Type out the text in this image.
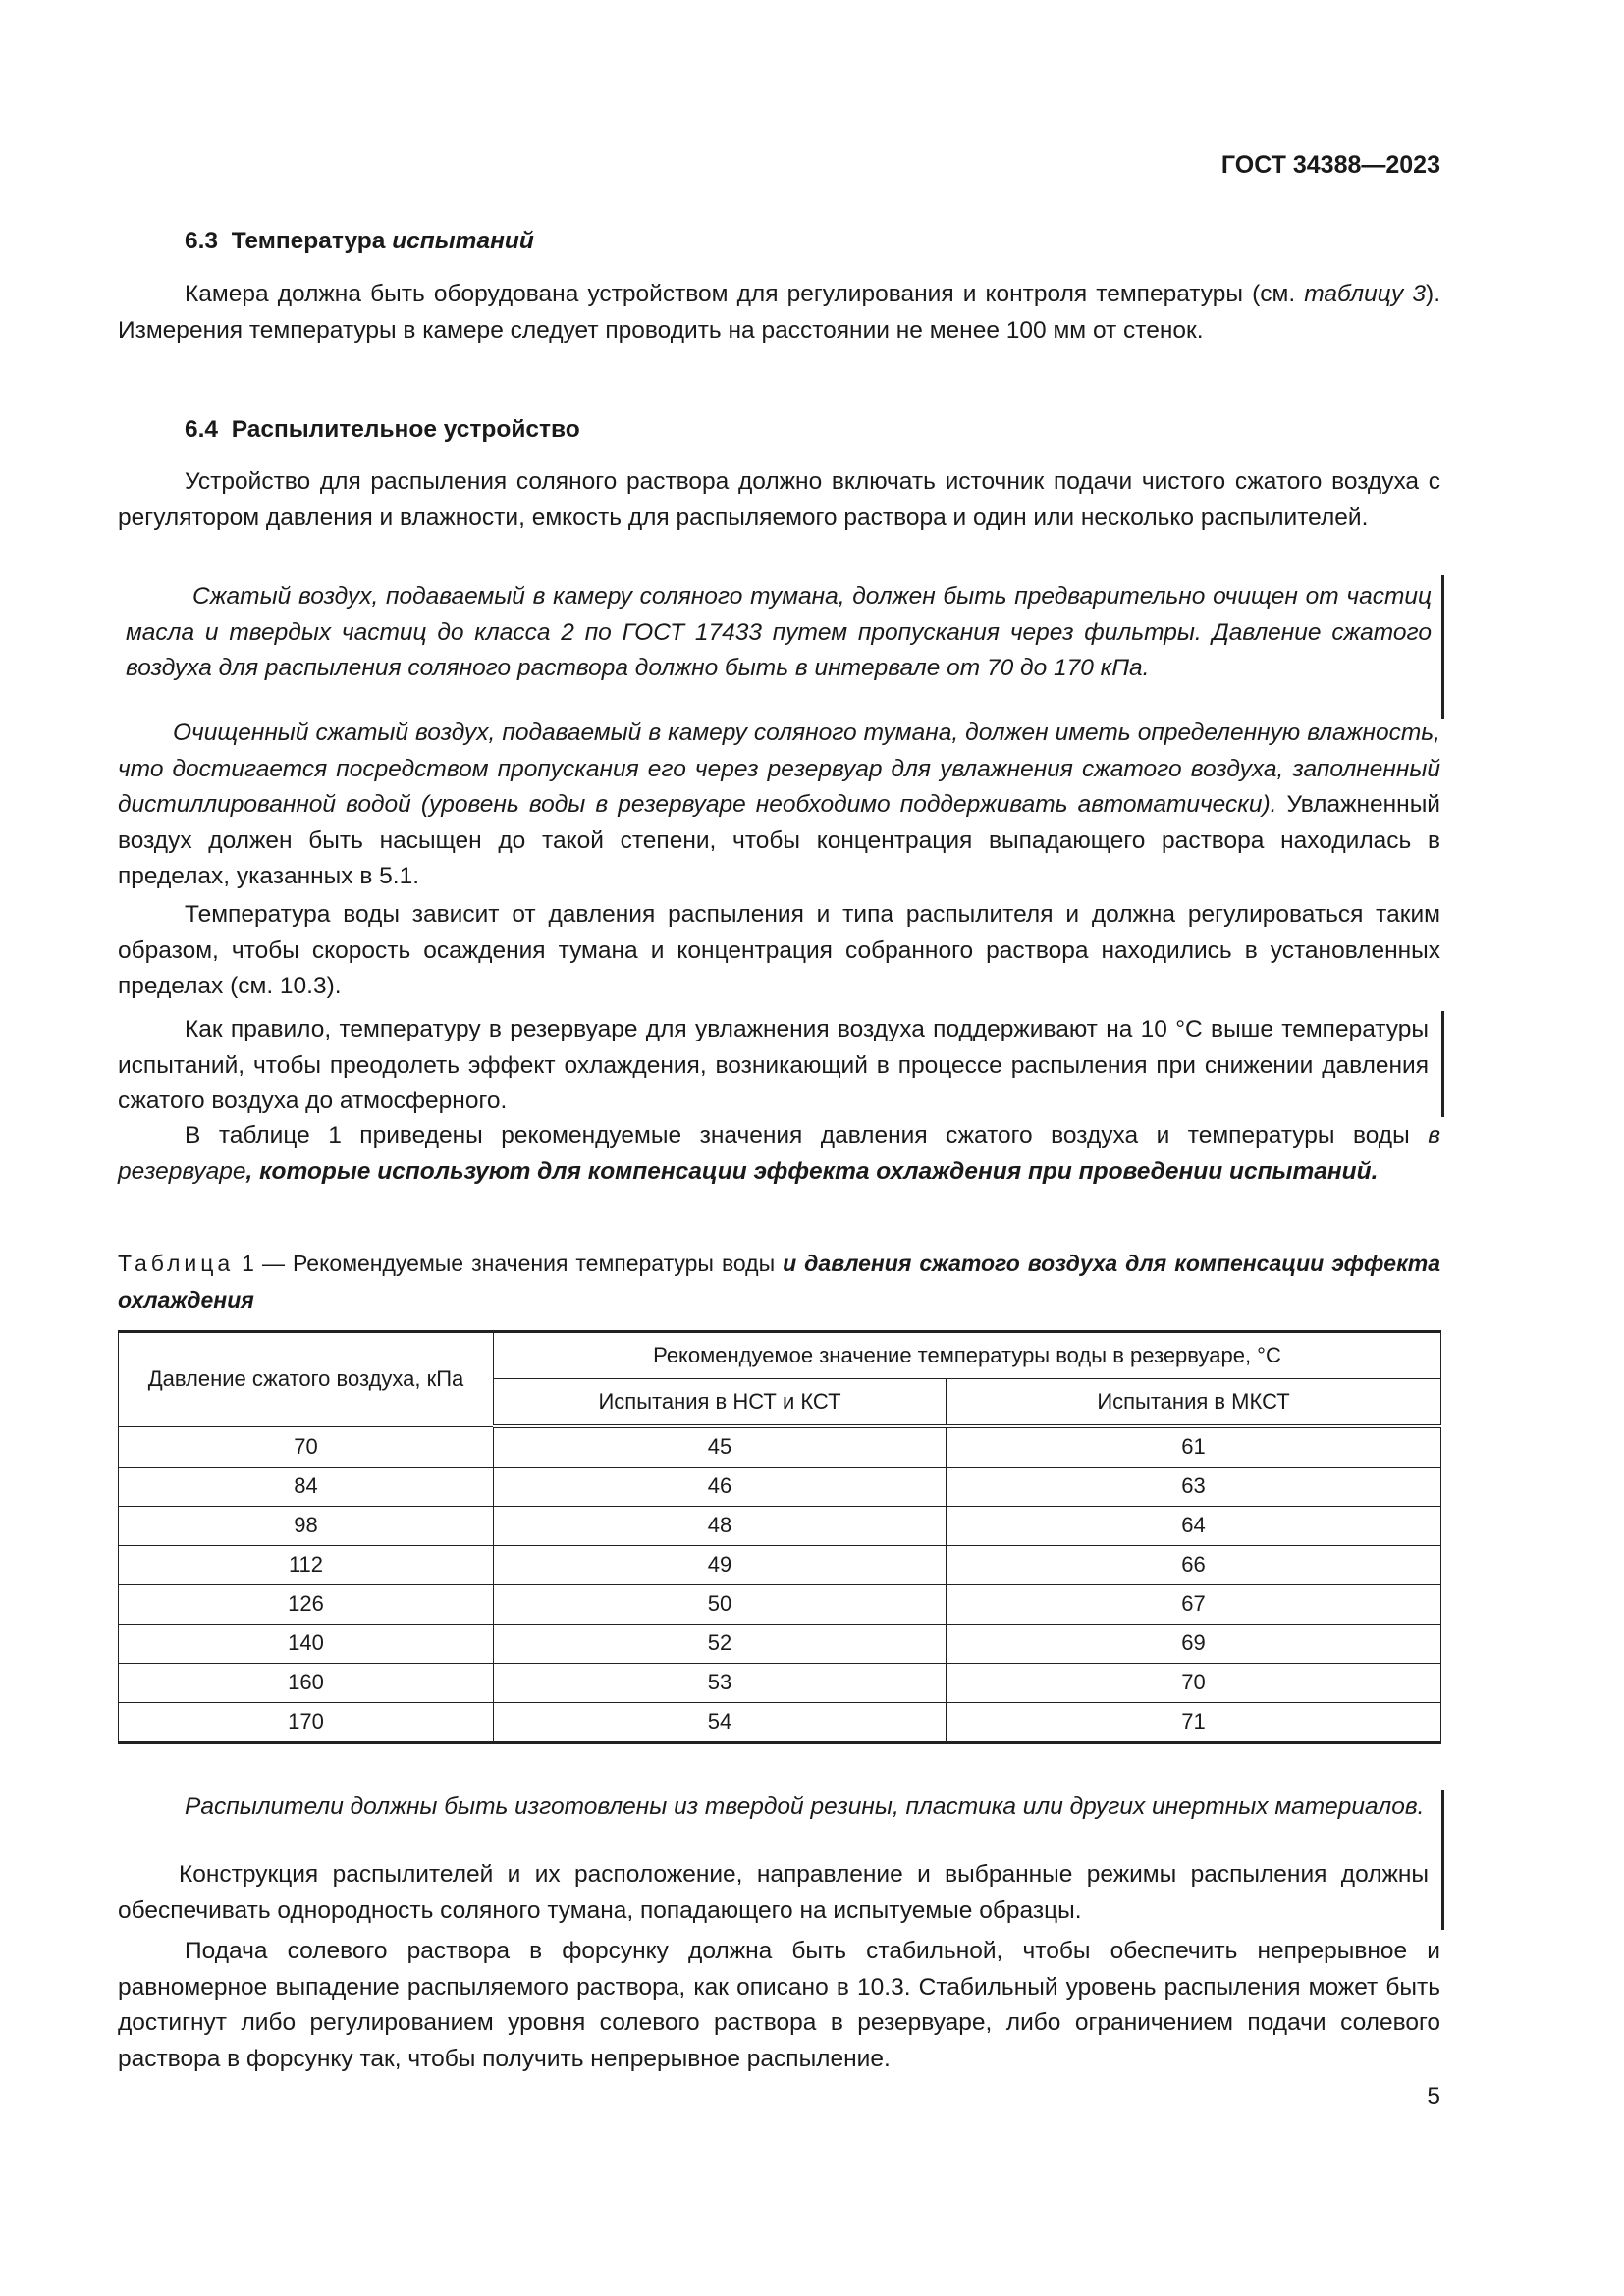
ГОСТ 34388—2023
6.3 Температура испытаний

Камера должна быть оборудована устройством для регулирования и контроля температуры (см. таблицу 3). Измерения температуры в камере следует проводить на расстоянии не менее 100 мм от стенок.

6.4 Распылительное устройство

Устройство для распыления соляного раствора должно включать источник подачи чистого сжатого воздуха с регулятором давления и влажности, емкость для распыляемого раствора и один или несколько распылителей.

Сжатый воздух, подаваемый в камеру соляного тумана, должен быть предварительно очищен от частиц масла и твердых частиц до класса 2 по ГОСТ 17433 путем пропускания через фильтры. Давление сжатого воздуха для распыления соляного раствора должно быть в интервале от 70 до 170 кПа.

Очищенный сжатый воздух, подаваемый в камеру соляного тумана, должен иметь определенную влажность, что достигается посредством пропускания его через резервуар для увлажнения сжатого воздуха, заполненный дистиллированной водой (уровень воды в резервуаре необходимо поддерживать автоматически). Увлажненный воздух должен быть насыщен до такой степени, чтобы концентрация выпадающего раствора находилась в пределах, указанных в 5.1.

Температура воды зависит от давления распыления и типа распылителя и должна регулироваться таким образом, чтобы скорость осаждения тумана и концентрация собранного раствора находились в установленных пределах (см. 10.3).

Как правило, температуру в резервуаре для увлажнения воздуха поддерживают на 10 °С выше температуры испытаний, чтобы преодолеть эффект охлаждения, возникающий в процессе распыления при снижении давления сжатого воздуха до атмосферного.

В таблице 1 приведены рекомендуемые значения давления сжатого воздуха и температуры воды в резервуаре, которые используют для компенсации эффекта охлаждения при проведении испытаний.

Таблица 1 — Рекомендуемые значения температуры воды и давления сжатого воздуха для компенсации эффекта охлаждения

Давление сжатого воздуха, кПа	Рекомендуемое значение температуры воды в резервуаре, °С	
	Испытания в НСТ и КСТ	Испытания в МКСТ
70	45	61
84	46	63
98	48	64
112	49	66
126	50	67
140	52	69
160	53	70
170	54	71

Распылители должны быть изготовлены из твердой резины, пластика или других инертных материалов.

Конструкция распылителей и их расположение, направление и выбранные режимы распыления должны обеспечивать однородность соляного тумана, попадающего на испытуемые образцы.

Подача солевого раствора в форсунку должна быть стабильной, чтобы обеспечить непрерывное и равномерное выпадение распыляемого раствора, как описано в 10.3. Стабильный уровень распыления может быть достигнут либо регулированием уровня солевого раствора в резервуаре, либо ограничением подачи солевого раствора в форсунку так, чтобы получить непрерывное распыление.

5
